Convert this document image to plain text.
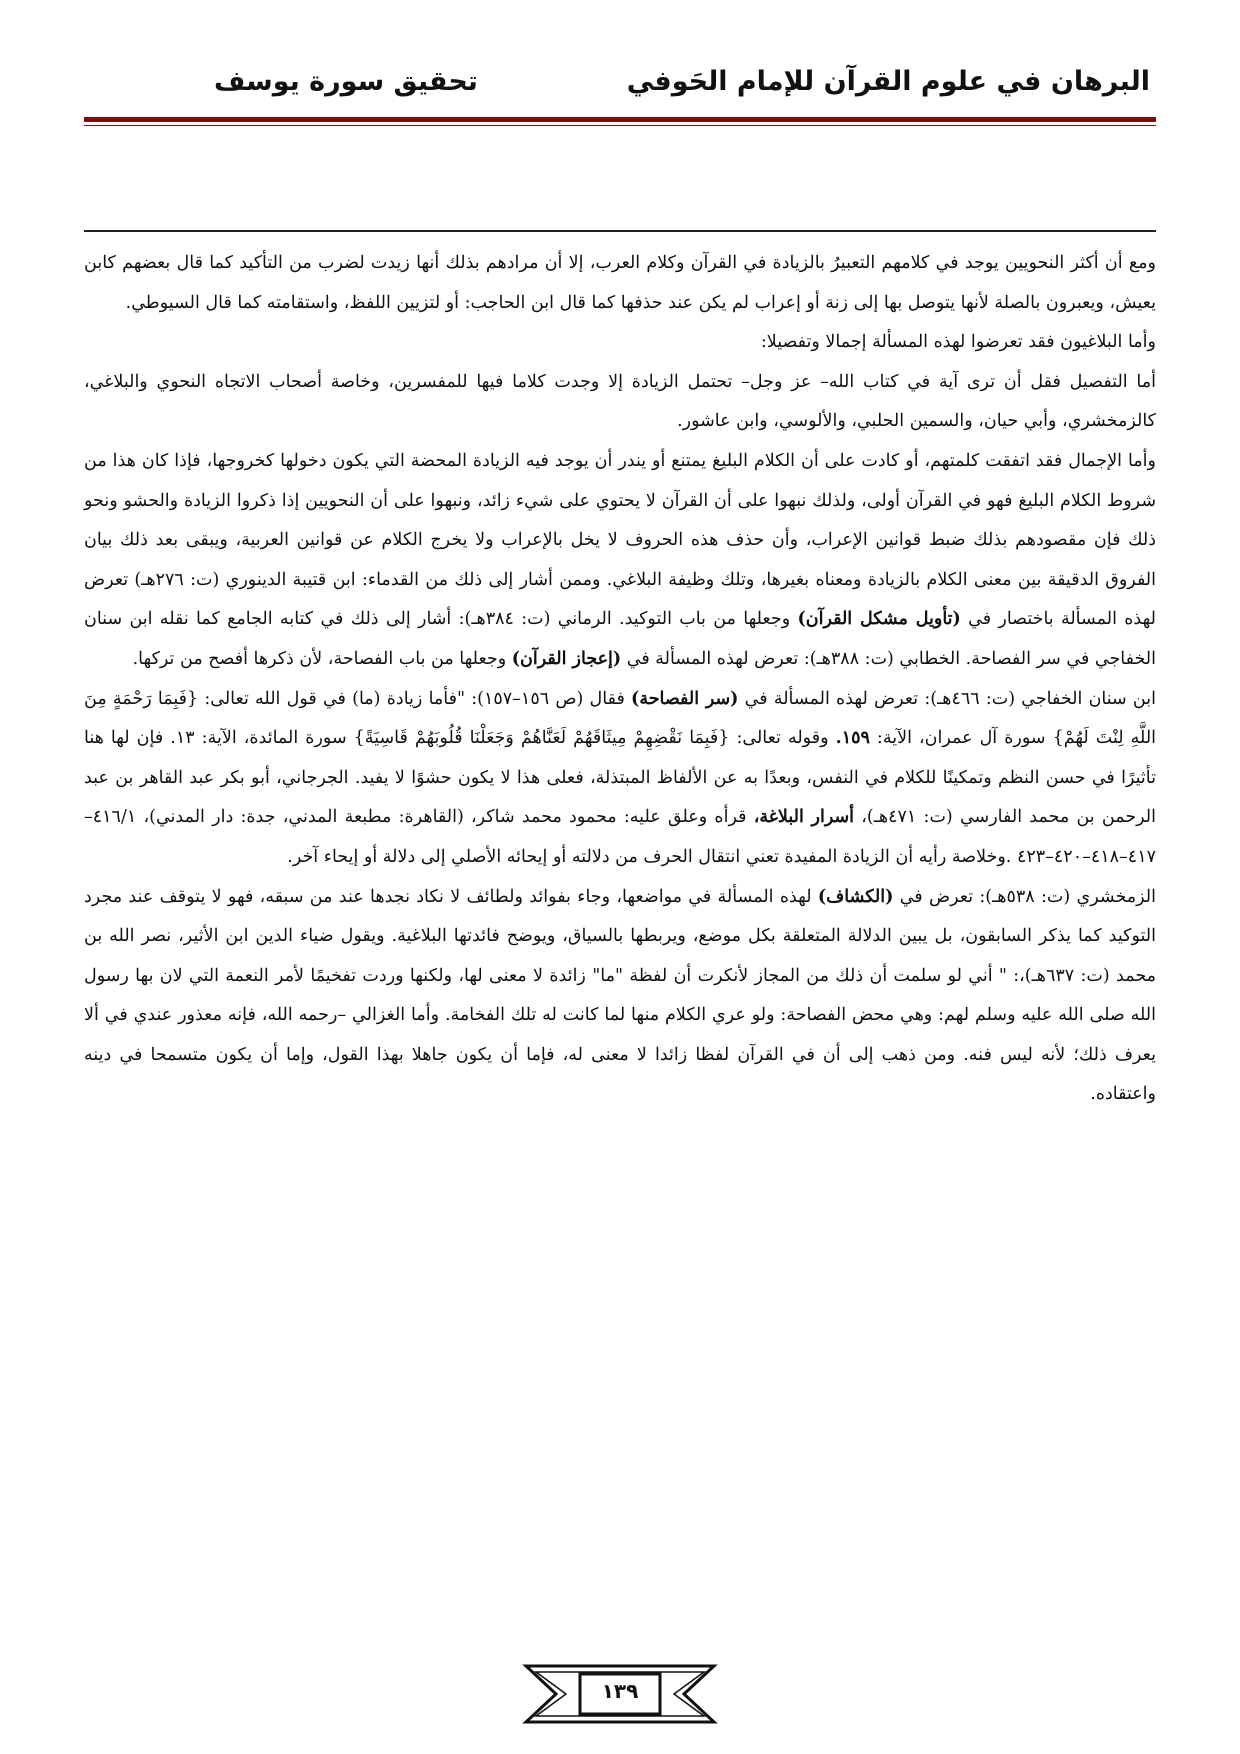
البرهان في علوم القرآن للإمام الحَوفي
تحقيق سورة يوسف

ومع أن أكثر النحويين يوجد في كلامهم التعبيرُ بالزيادة في القرآن وكلام العرب، إلا أن مرادهم بذلك أنها زيدت لضرب من التأكيد كما قال بعضهم كابن يعيش، ويعبرون بالصلة لأنها يتوصل بها إلى زنة أو إعراب لم يكن عند حذفها كما قال ابن الحاجب: أو لتزيين اللفظ، واستقامته كما قال السيوطي.

وأما البلاغيون فقد تعرضوا لهذه المسألة إجمالا وتفصيلا:

أما التفصيل فقل أن ترى آية في كتاب الله– عز وجل– تحتمل الزيادة إلا وجدت كلاما فيها للمفسرين، وخاصة أصحاب الاتجاه النحوي والبلاغي، كالزمخشري، وأبي حيان، والسمين الحلبي، والألوسي، وابن عاشور.

وأما الإجمال فقد اتفقت كلمتهم، أو كادت على أن الكلام البليغ يمتنع أو يندر أن يوجد فيه الزيادة المحضة التي يكون دخولها كخروجها، فإذا كان هذا من شروط الكلام البليغ فهو في القرآن أولى، ولذلك نبهوا على أن القرآن لا يحتوي على شيء زائد، ونبهوا على أن النحويين إذا ذكروا الزيادة والحشو ونحو ذلك فإن مقصودهم بذلك ضبط قوانين الإعراب، وأن حذف هذه الحروف لا يخل بالإعراب ولا يخرج الكلام عن قوانين العربية، ويبقى بعد ذلك بيان الفروق الدقيقة بين معنى الكلام بالزيادة ومعناه بغيرها، وتلك وظيفة البلاغي. وممن أشار إلى ذلك من القدماء: ابن قتيبة الدينوري (ت: ٢٧٦هـ) تعرض لهذه المسألة باختصار في (تأويل مشكل القرآن) وجعلها من باب التوكيد. الرماني (ت: ٣٨٤هـ): أشار إلى ذلك في كتابه الجامع كما نقله ابن سنان الخفاجي في سر الفصاحة. الخطابي (ت: ٣٨٨هـ): تعرض لهذه المسألة في (إعجاز القرآن) وجعلها من باب الفصاحة، لأن ذكرها أفصح من تركها.

ابن سنان الخفاجي (ت: ٤٦٦هـ): تعرض لهذه المسألة في (سر الفصاحة) فقال (ص ١٥٦–١٥٧): "فأما زيادة (ما) في قول الله تعالى: {فَبِمَا رَحْمَةٍ مِنَ اللَّهِ لِنْتَ لَهُمْ} سورة آل عمران، الآية: ١٥٩. وقوله تعالى: {فَبِمَا نَقْضِهِمْ مِيثَاقَهُمْ لَعَنَّاهُمْ وَجَعَلْنَا قُلُوبَهُمْ قَاسِيَةً} سورة المائدة، الآية: ١٣. فإن لها هنا تأثيرًا في حسن النظم وتمكينًا للكلام في النفس، وبعدًا به عن الألفاظ المبتذلة، فعلى هذا لا يكون حشوًا لا يفيد. الجرجاني، أبو بكر عبد القاهر بن عبد الرحمن بن محمد الفارسي (ت: ٤٧١هـ)، أسرار البلاغة، قرأه وعلق عليه: محمود محمد شاكر، (القاهرة: مطبعة المدني، جدة: دار المدني)، ٤١٦/١–٤١٧–٤١٨–٤٢٠–٤٢٣ .وخلاصة رأيه أن الزيادة المفيدة تعني انتقال الحرف من دلالته أو إيحائه الأصلي إلى دلالة أو إيحاء آخر.

الزمخشري (ت: ٥٣٨هـ): تعرض في (الكشاف) لهذه المسألة في مواضعها، وجاء بفوائد ولطائف لا نكاد نجدها عند من سبقه، فهو لا يتوقف عند مجرد التوكيد كما يذكر السابقون، بل يبين الدلالة المتعلقة بكل موضع، ويربطها بالسياق، ويوضح فائدتها البلاغية. ويقول ضياء الدين ابن الأثير، نصر الله بن محمد (ت: ٦٣٧هـ)،: " أني لو سلمت أن ذلك من المجاز لأنكرت أن لفظة "ما" زائدة لا معنى لها، ولكنها وردت تفخيمًا لأمر النعمة التي لان بها رسول الله صلى الله عليه وسلم لهم: وهي محض الفصاحة: ولو عري الكلام منها لما كانت له تلك الفخامة. وأما الغزالي –رحمه الله، فإنه معذور عندي في ألا يعرف ذلك؛ لأنه ليس فنه. ومن ذهب إلى أن في القرآن لفظا زائدا لا معنى له، فإما أن يكون جاهلا بهذا القول، وإما أن يكون متسمحا في دينه واعتقاده.

١٣٩
